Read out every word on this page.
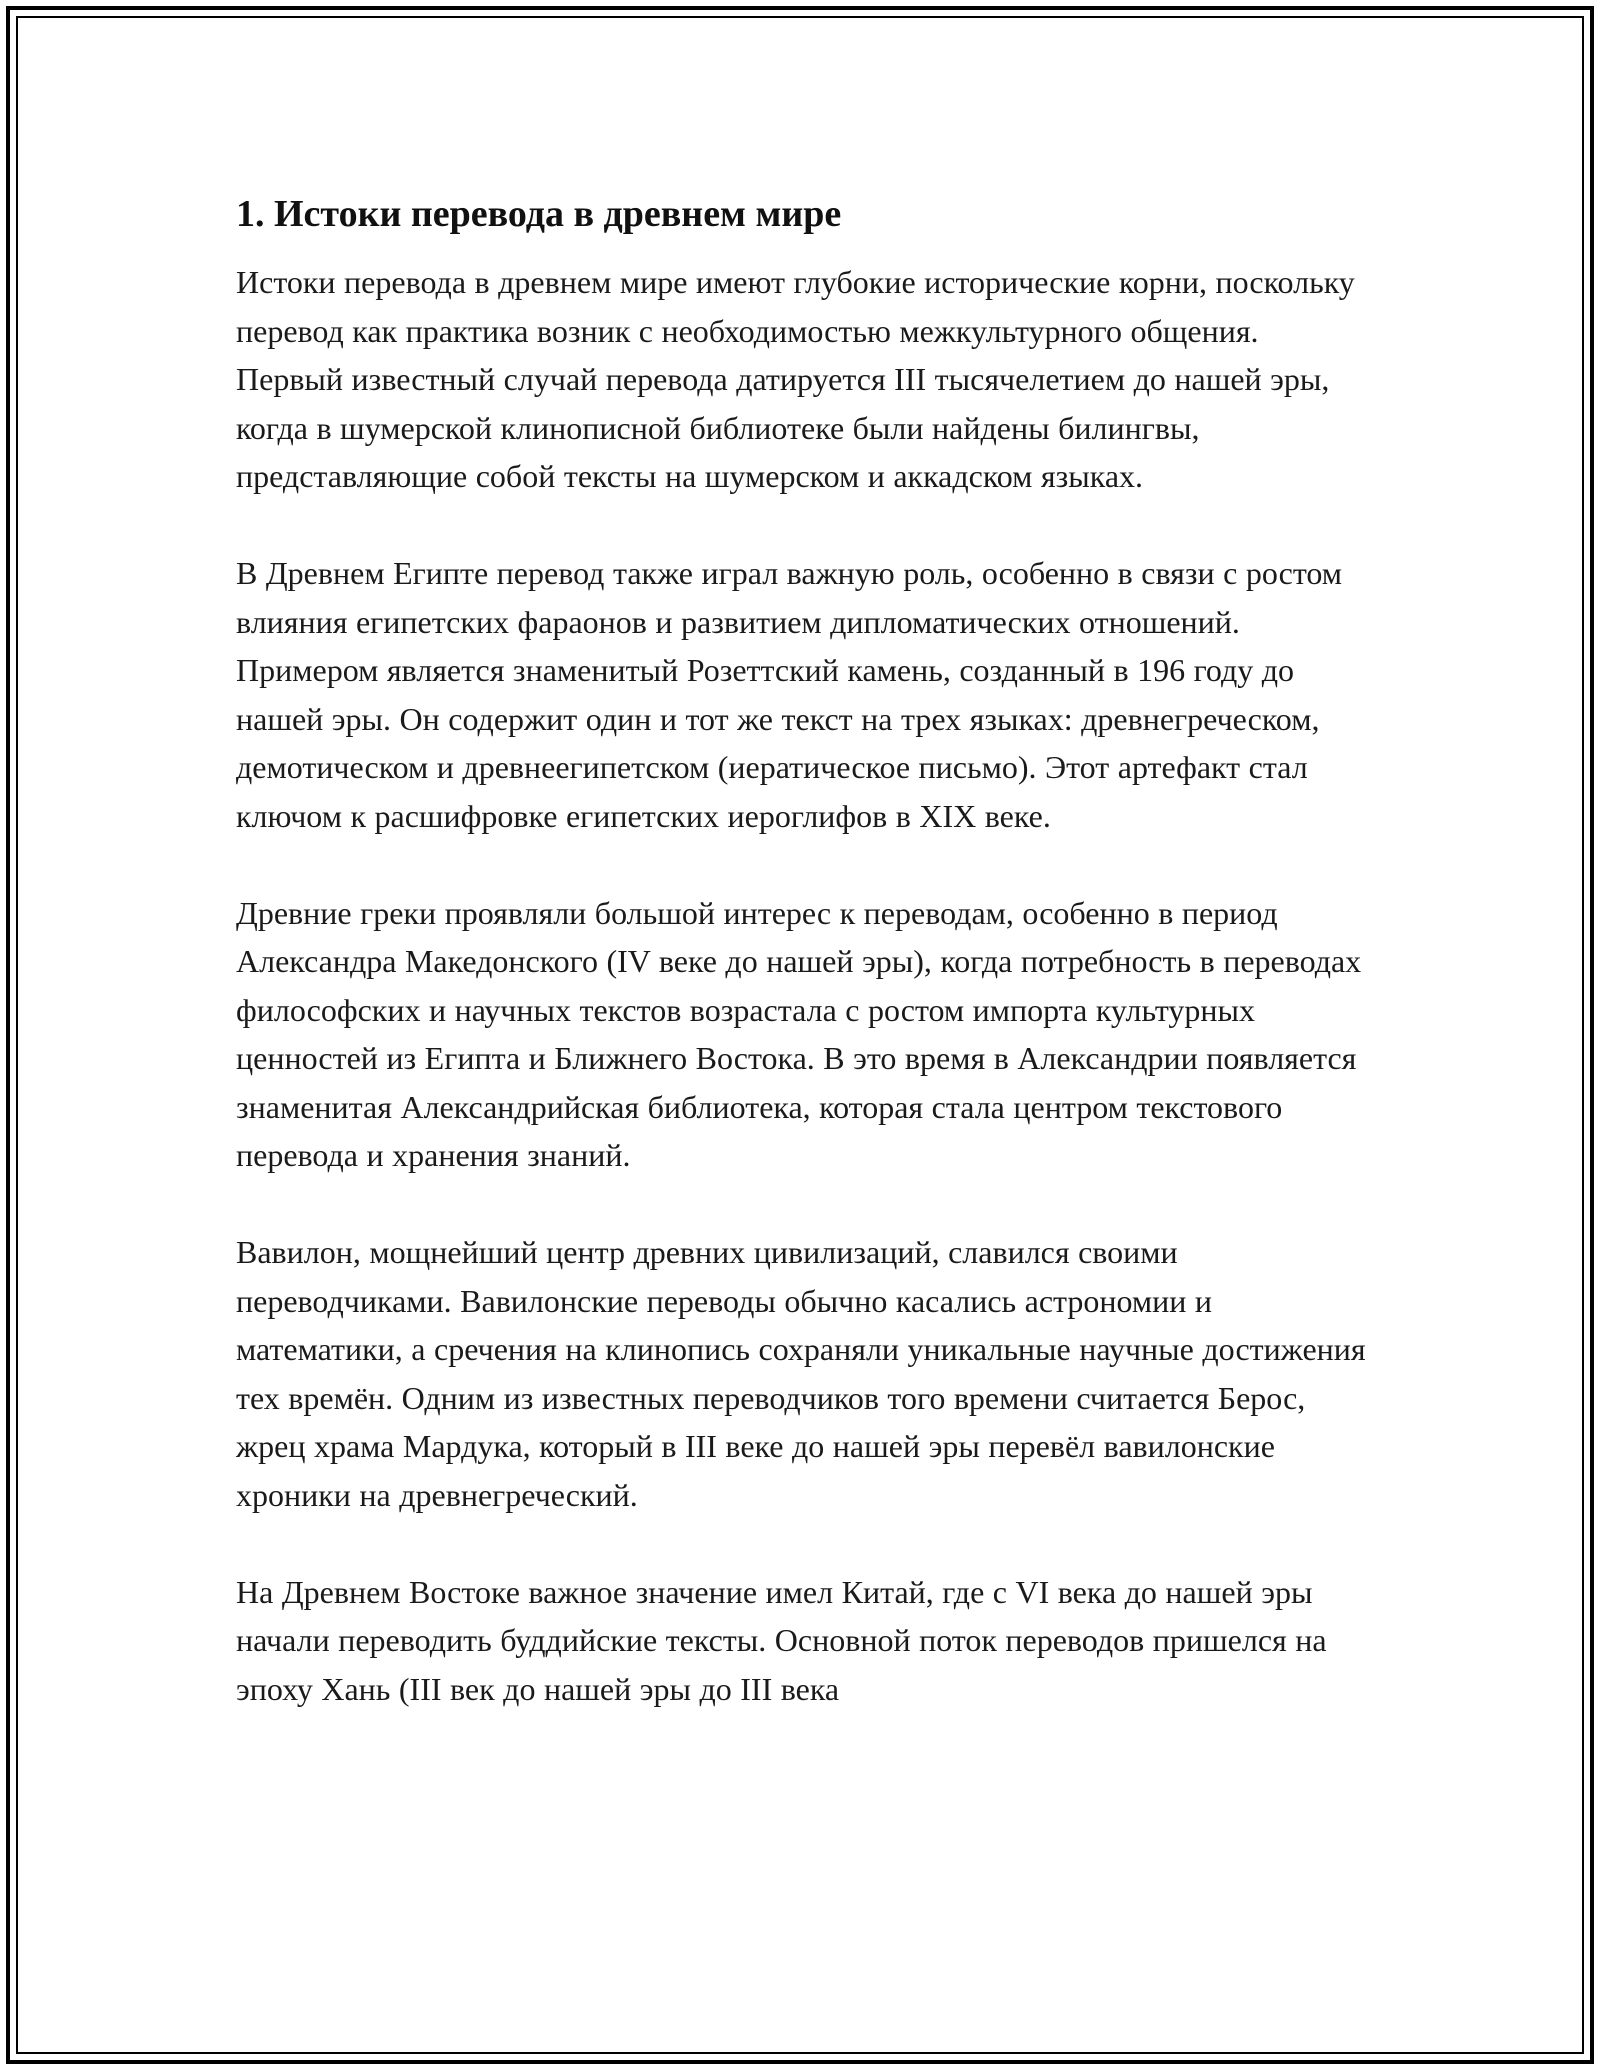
1. Истоки перевода в древнем мире

Истоки перевода в древнем мире имеют глубокие исторические корни, поскольку перевод как практика возник с необходимостью межкультурного общения. Первый известный случай перевода датируется III тысячелетием до нашей эры, когда в шумерской клинописной библиотеке были найдены билингвы, представляющие собой тексты на шумерском и аккадском языках.

В Древнем Египте перевод также играл важную роль, особенно в связи с ростом влияния египетских фараонов и развитием дипломатических отношений. Примером является знаменитый Розеттский камень, созданный в 196 году до нашей эры. Он содержит один и тот же текст на трех языках: древнегреческом, демотическом и древнеегипетском (иератическое письмо). Этот артефакт стал ключом к расшифровке египетских иероглифов в XIX веке.

Древние греки проявляли большой интерес к переводам, особенно в период Александра Македонского (IV веке до нашей эры), когда потребность в переводах философских и научных текстов возрастала с ростом импорта культурных ценностей из Египта и Ближнего Востока. В это время в Александрии появляется знаменитая Александрийская библиотека, которая стала центром текстового перевода и хранения знаний.

Вавилон, мощнейший центр древних цивилизаций, славился своими переводчиками. Вавилонские переводы обычно касались астрономии и математики, а сречения на клинопись сохраняли уникальные научные достижения тех времён. Одним из известных переводчиков того времени считается Берос, жрец храма Мардука, который в III веке до нашей эры перевёл вавилонские хроники на древнегреческий.

На Древнем Востоке важное значение имел Китай, где с VI века до нашей эры начали переводить буддийские тексты. Основной поток переводов пришелся на эпоху Хань (III век до нашей эры до III века
